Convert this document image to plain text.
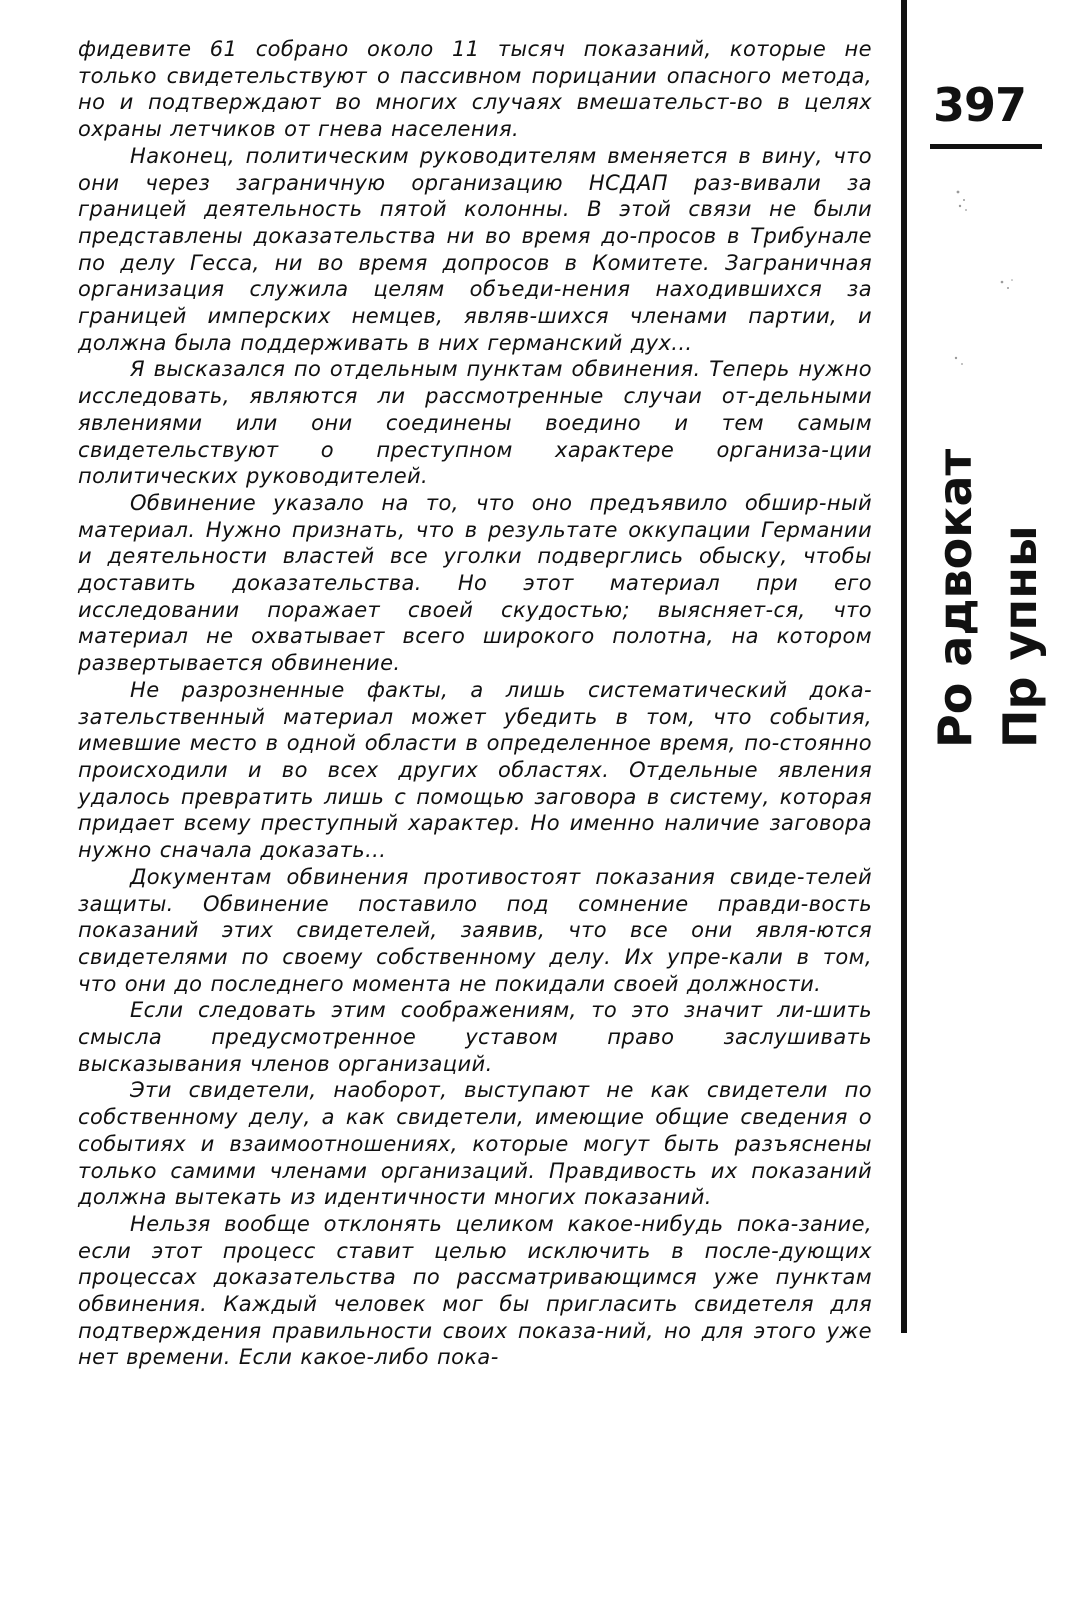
фидевите 61 собрано около 11 тысяч показаний, которые не только свидетельствуют о пассивном порицании опасного метода, но и подтверждают во многих случаях вмешательст-во в целях охраны летчиков от гнева населения.

Наконец, политическим руководителям вменяется в вину, что они через заграничную организацию НСДАП раз-вивали за границей деятельность пятой колонны. В этой связи не были представлены доказательства ни во время до-просов в Трибунале по делу Гесса, ни во время допросов в Комитете. Заграничная организация служила целям объеди-нения находившихся за границей имперских немцев, являв-шихся членами партии, и должна была поддерживать в них германский дух...

Я высказался по отдельным пунктам обвинения. Теперь нужно исследовать, являются ли рассмотренные случаи от-дельными явлениями или они соединены воедино и тем самым свидетельствуют о преступном характере организа-ции политических руководителей.

Обвинение указало на то, что оно предъявило обшир-ный материал. Нужно признать, что в результате оккупации Германии и деятельности властей все уголки подверглись обыску, чтобы доставить доказательства. Но этот материал при его исследовании поражает своей скудостью; выясняет-ся, что материал не охватывает всего широкого полотна, на котором развертывается обвинение.

Не разрозненные факты, а лишь систематический дока-зательственный материал может убедить в том, что события, имевшие место в одной области в определенное время, по-стоянно происходили и во всех других областях. Отдельные явления удалось превратить лишь с помощью заговора в систему, которая придает всему преступный характер. Но именно наличие заговора нужно сначала доказать...

Документам обвинения противостоят показания свиде-телей защиты. Обвинение поставило под сомнение правди-вость показаний этих свидетелей, заявив, что все они явля-ются свидетелями по своему собственному делу. Их упре-кали в том, что они до последнего момента не покидали своей должности.

Если следовать этим соображениям, то это значит ли-шить смысла предусмотренное уставом право заслушивать высказывания членов организаций.

Эти свидетели, наоборот, выступают не как свидетели по собственному делу, а как свидетели, имеющие общие сведения о событиях и взаимоотношениях, которые могут быть разъяснены только самими членами организаций. Правдивость их показаний должна вытекать из идентичности многих показаний.

Нельзя вообще отклонять целиком какое-нибудь пока-зание, если этот процесс ставит целью исключить в после-дующих процессах доказательства по рассматривающимся уже пунктам обвинения. Каждый человек мог бы пригласить свидетеля для подтверждения правильности своих показа-ний, но для этого уже нет времени. Если какое-либо пока-

397
Ро адвокат Пр упны
